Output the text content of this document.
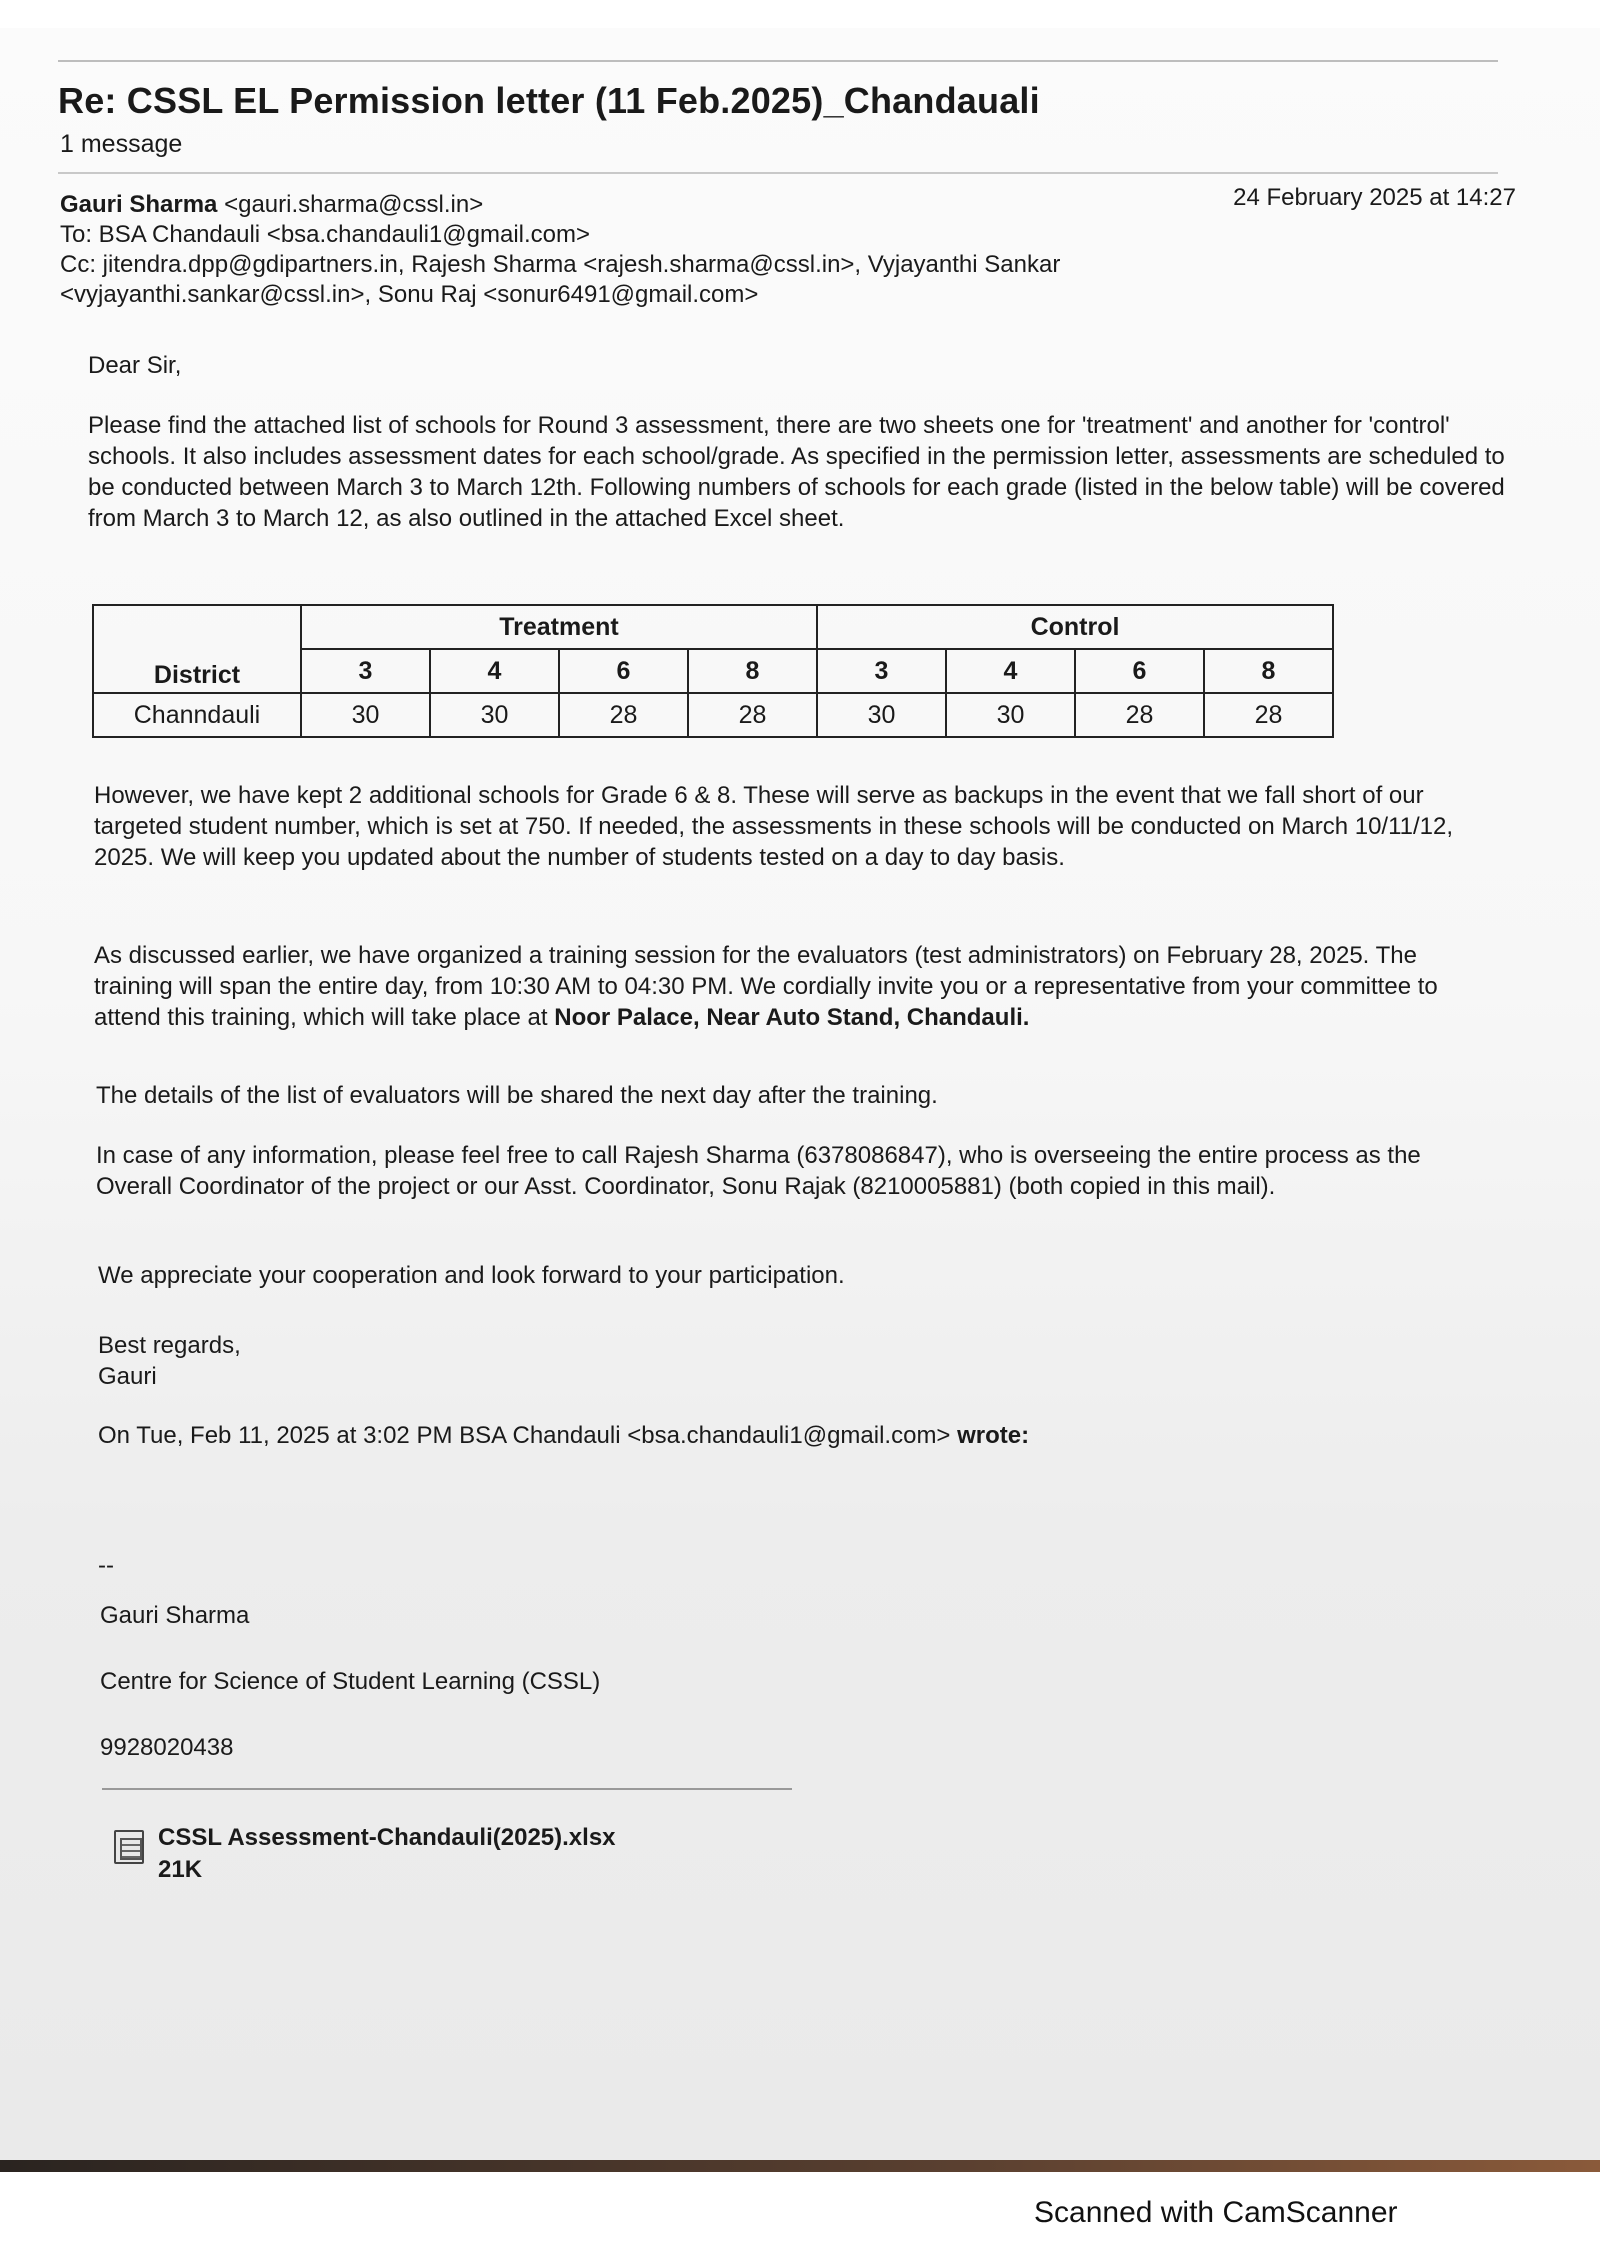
Re: CSSL EL Permission letter (11 Feb.2025)_Chandauali
1 message
Gauri Sharma <gauri.sharma@cssl.in>	24 February 2025 at 14:27
To: BSA Chandauli <bsa.chandauli1@gmail.com>
Cc: jitendra.dpp@gdipartners.in, Rajesh Sharma <rajesh.sharma@cssl.in>, Vyjayanthi Sankar
<vyjayanthi.sankar@cssl.in>, Sonu Raj <sonur6491@gmail.com>
Dear Sir,
Please find the attached list of schools for Round 3 assessment, there are two sheets one for 'treatment' and another for 'control' schools. It also includes assessment dates for each school/grade. As specified in the permission letter, assessments are scheduled to be conducted between March 3 to March 12th. Following numbers of schools for each grade (listed in the below table) will be covered from March 3 to March 12, as also outlined in the attached Excel sheet.
District	Treatment				Control			
	3	4	6	8	3	4	6	8
Channdauli	30	30	28	28	30	30	28	28
However, we have kept 2 additional schools for Grade 6 & 8. These will serve as backups in the event that we fall short of our targeted student number, which is set at 750. If needed, the assessments in these schools will be conducted on March 10/11/12, 2025. We will keep you updated about the number of students tested on a day to day basis.
As discussed earlier, we have organized a training session for the evaluators (test administrators) on February 28, 2025. The training will span the entire day, from 10:30 AM to 04:30 PM. We cordially invite you or a representative from your committee to attend this training, which will take place at Noor Palace, Near Auto Stand, Chandauli.
The details of the list of evaluators will be shared the next day after the training.
In case of any information, please feel free to call Rajesh Sharma (6378086847), who is overseeing the entire process as the Overall Coordinator of the project or our Asst. Coordinator, Sonu Rajak (8210005881) (both copied in this mail).
We appreciate your cooperation and look forward to your participation.
Best regards,
Gauri
On Tue, Feb 11, 2025 at 3:02 PM BSA Chandauli <bsa.chandauli1@gmail.com> wrote:
--
Gauri Sharma
Centre for Science of Student Learning (CSSL)
9928020438
CSSL Assessment-Chandauli(2025).xlsx
21K
Scanned with CamScanner
